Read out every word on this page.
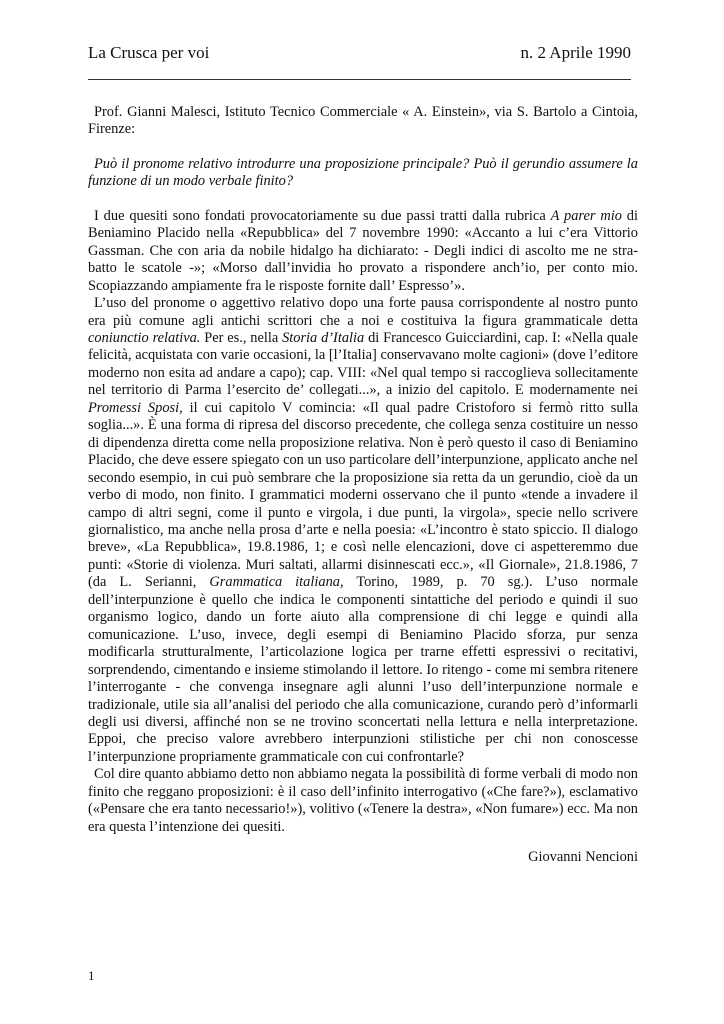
La Crusca per voi	n. 2 Aprile 1990

Prof. Gianni Malesci, Istituto Tecnico Commerciale « A. Einstein», via S. Bartolo a Cintoia, Firenze:

Può il pronome relativo introdurre una proposizione principale? Può il gerundio assumere la funzione di un modo verbale finito?

I due quesiti sono fondati provocatoriamente su due passi tratti dalla rubrica A parer mio di Beniamino Placido nella «Repubblica» del 7 novembre 1990: «Accanto a lui c’era Vittorio Gassman. Che con aria da nobile hidalgo ha dichiarato: - Degli indici di ascolto me ne stra-batto le scatole -»; «Morso dall’invidia ho provato a rispondere anch’io, per conto mio. Scopiazzando ampiamente fra le risposte fornite dall’ Espresso’».

L’uso del pronome o aggettivo relativo dopo una forte pausa corrispondente al nostro punto era più comune agli antichi scrittori che a noi e costituiva la figura grammaticale detta coniunctio relativa. Per es., nella Storia d’Italia di Francesco Guicciardini, cap. I: «Nella quale felicità, acquistata con varie occasioni, la [l’Italia] conservavano molte cagioni» (dove l’editore moderno non esita ad andare a capo); cap. VIII: «Nel qual tempo si raccoglieva sollecitamente nel territorio di Parma l’esercito de’ collegati...», a inizio del capitolo. E modernamente nei Promessi Sposi, il cui capitolo V comincia: «Il qual padre Cristoforo si fermò ritto sulla soglia...». È una forma di ripresa del discorso precedente, che collega senza costituire un nesso di dipendenza diretta come nella proposizione relativa. Non è però questo il caso di Beniamino Placido, che deve essere spiegato con un uso particolare dell’interpunzione, applicato anche nel secondo esempio, in cui può sembrare che la proposizione sia retta da un gerundio, cioè da un verbo di modo, non finito. I grammatici moderni osservano che il punto «tende a invadere il campo di altri segni, come il punto e virgola, i due punti, la virgola», specie nello scrivere giornalistico, ma anche nella prosa d’arte e nella poesia: «L’incontro è stato spiccio. Il dialogo breve», «La Repubblica», 19.8.1986, 1; e così nelle elencazioni, dove ci aspetteremmo due punti: «Storie di violenza. Muri saltati, allarmi disinnescati ecc.», «Il Giornale», 21.8.1986, 7 (da L. Serianni, Grammatica italiana, Torino, 1989, p. 70 sg.). L’uso normale dell’interpunzione è quello che indica le componenti sintattiche del periodo e quindi il suo organismo logico, dando un forte aiuto alla comprensione di chi legge e quindi alla comunicazione. L’uso, invece, degli esempi di Beniamino Placido sforza, pur senza modificarla strutturalmente, l’articolazione logica per trarne effetti espressivi o recitativi, sorprendendo, cimentando e insieme stimolando il lettore. Io ritengo - come mi sembra ritenere l’interrogante - che convenga insegnare agli alunni l’uso dell’interpunzione normale e tradizionale, utile sia all’analisi del periodo che alla comunicazione, curando però d’informarli degli usi diversi, affinché non se ne trovino sconcertati nella lettura e nella interpretazione. Eppoi, che preciso valore avrebbero interpunzioni stilistiche per chi non conoscesse l’interpunzione propriamente grammaticale con cui confrontarle?

Col dire quanto abbiamo detto non abbiamo negata la possibilità di forme verbali di modo non finito che reggano proposizioni: è il caso dell’infinito interrogativo («Che fare?»), esclamativo («Pensare che era tanto necessario!»), volitivo («Tenere la destra», «Non fumare») ecc. Ma non era questa l’intenzione dei quesiti.

Giovanni Nencioni
1
